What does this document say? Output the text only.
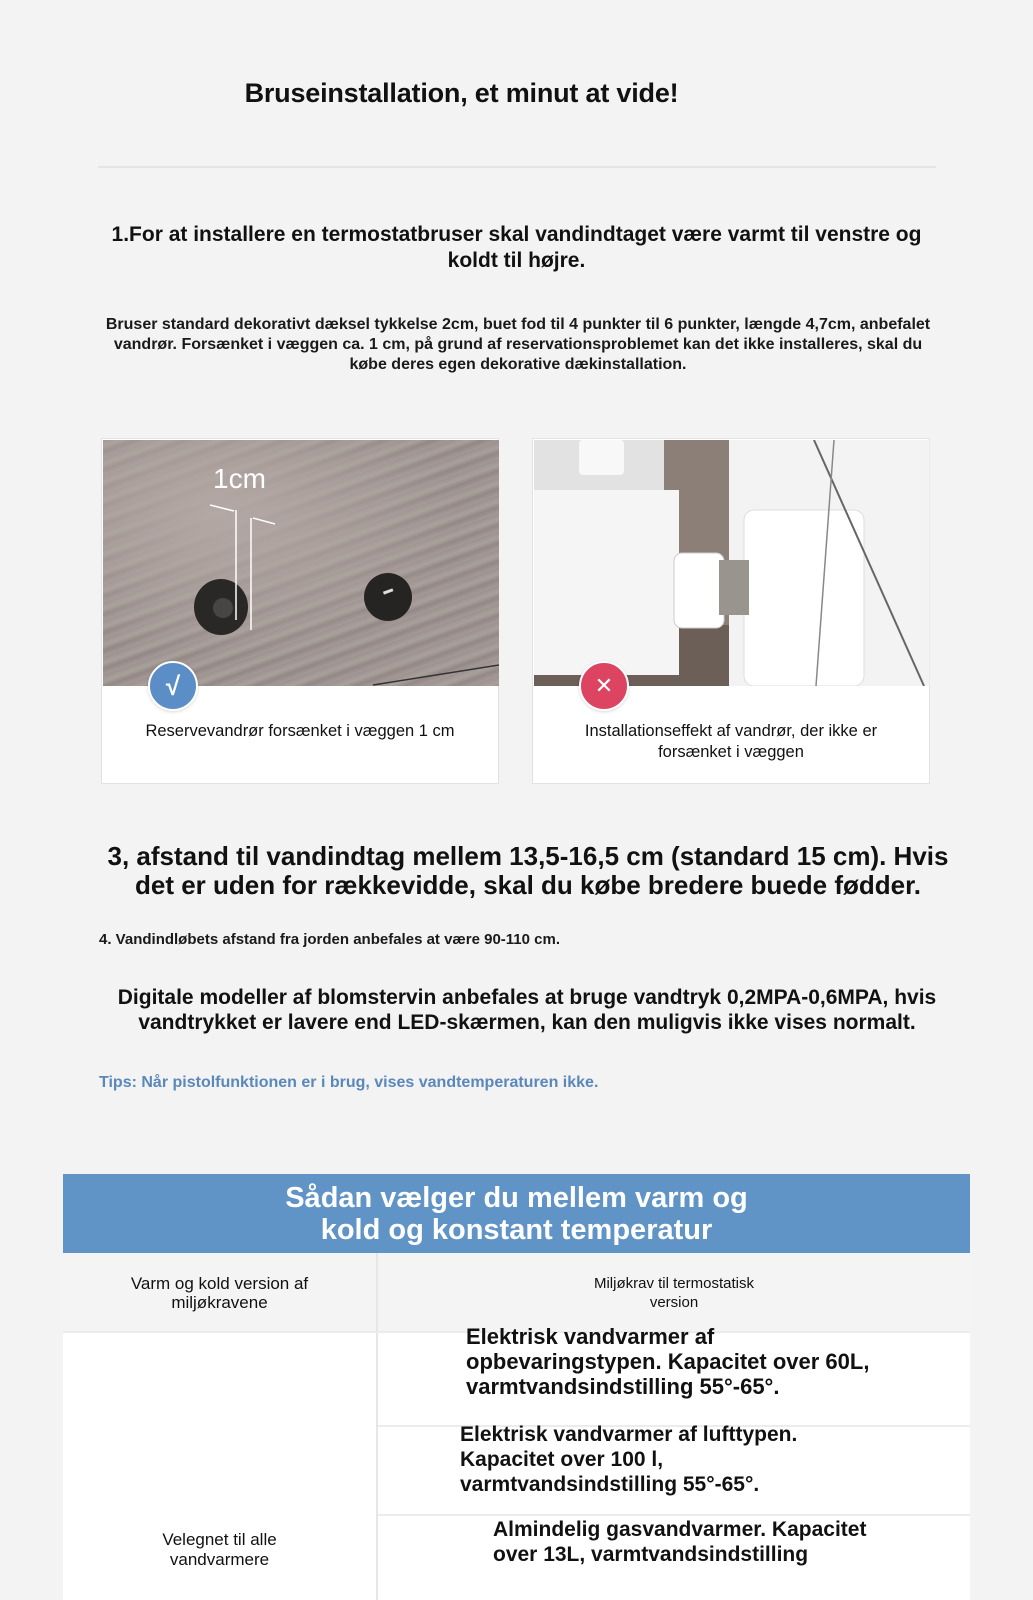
Bruseinstallation, et minut at vide!
1.For at installere en termostatbruser skal vandindtaget være varmt til venstre og koldt til højre.
Bruser standard dekorativt dæksel tykkelse 2cm, buet fod til 4 punkter til 6 punkter, længde 4,7cm, anbefalet vandrør. Forsænket i væggen ca. 1 cm, på grund af reservationsproblemet kan det ikke installeres, skal du købe deres egen dekorative dækinstallation.
1cm
√
Reservevandrør forsænket i væggen 1 cm
✕
Installationseffekt af vandrør, der ikke er forsænket i væggen
3, afstand til vandindtag mellem 13,5-16,5 cm (standard 15 cm). Hvis det er uden for rækkevidde, skal du købe bredere buede fødder.
4. Vandindløbets afstand fra jorden anbefales at være 90-110 cm.
Digitale modeller af blomstervin anbefales at bruge vandtryk 0,2MPA-0,6MPA, hvis vandtrykket er lavere end LED-skærmen, kan den muligvis ikke vises normalt.
Tips: Når pistolfunktionen er i brug, vises vandtemperaturen ikke.
Sådan vælger du mellem varm og kold og konstant temperatur
Varm og kold version af miljøkravene
Miljøkrav til termostatisk version
Velegnet til alle vandvarmere
Elektrisk vandvarmer af opbevaringstypen. Kapacitet over 60L, varmtvandsindstilling 55°-65°.
Elektrisk vandvarmer af lufttypen. Kapacitet over 100 l, varmtvandsindstilling 55°-65°.
Almindelig gasvandvarmer. Kapacitet over 13L, varmtvandsindstilling
